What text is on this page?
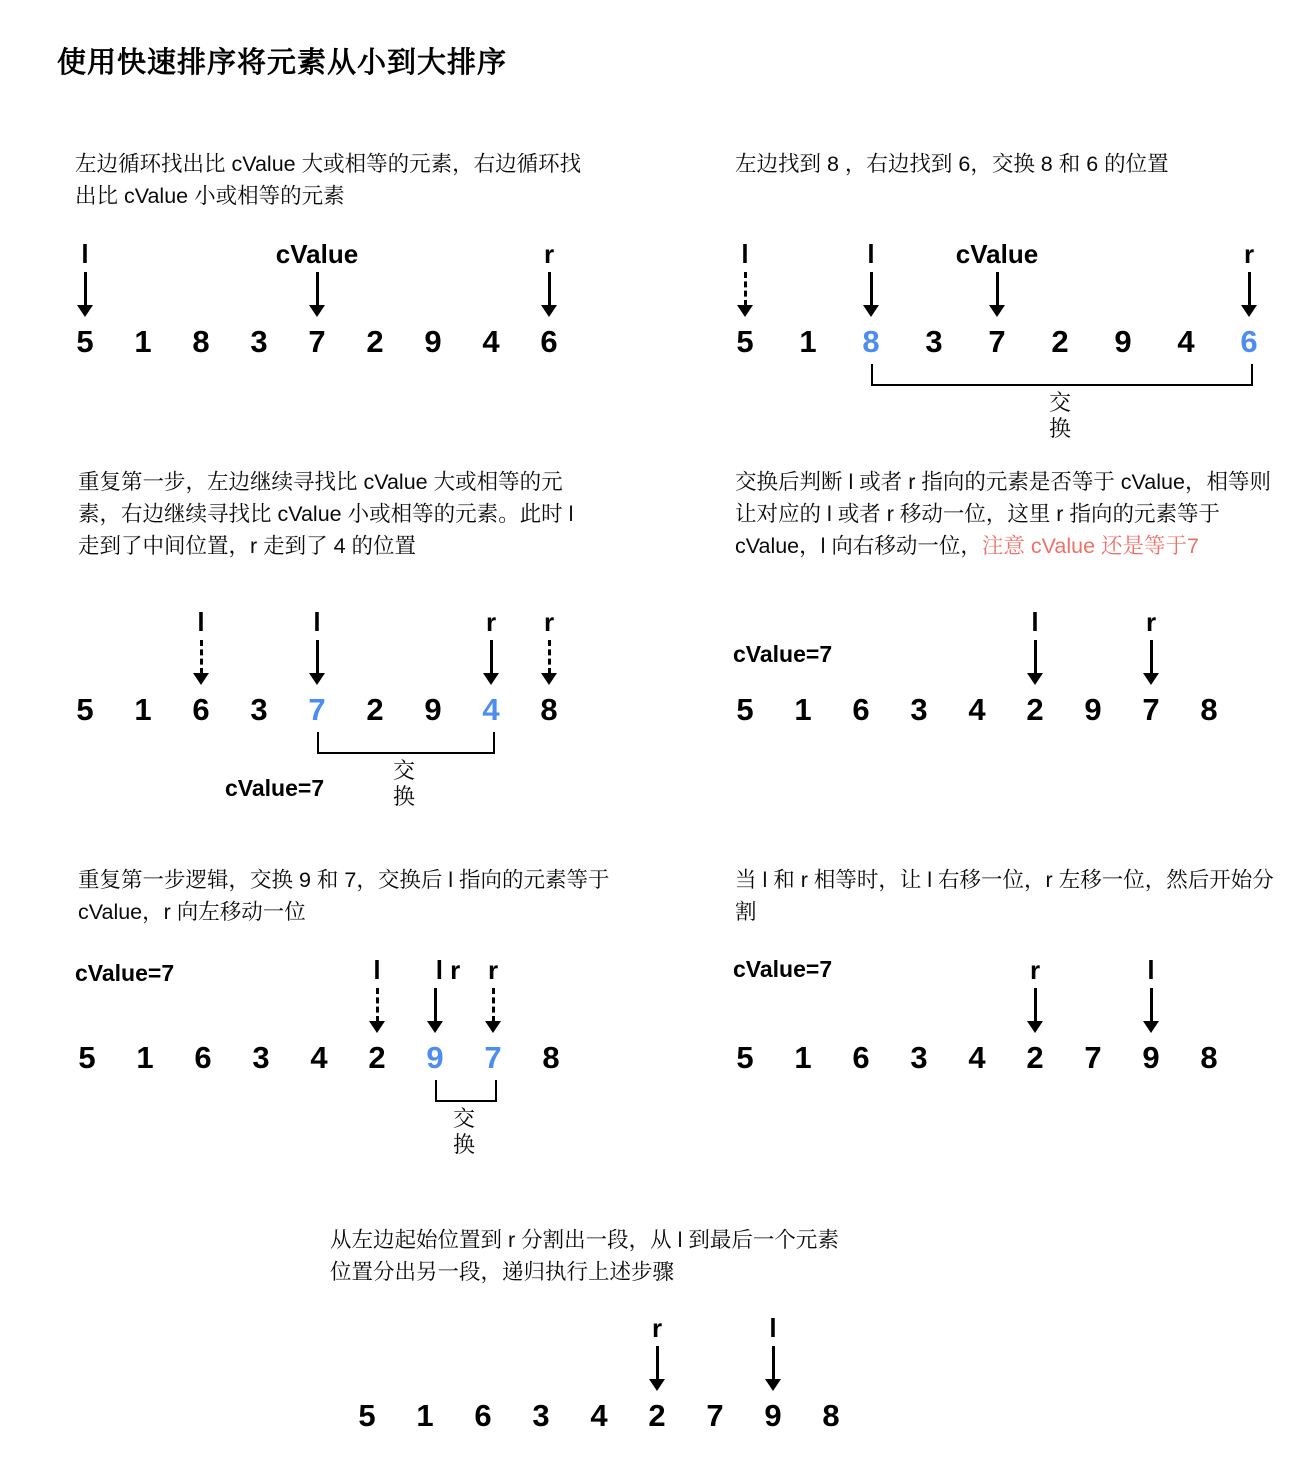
使用快速排序将元素从小到大排序
左边循环找出比 cValue 大或相等的元素，右边循环找出比 cValue 小或相等的元素
5	1	8	3	7	2	9	4	6
l	cValue	r
左边找到 8 ，右边找到 6，交换 8 和 6 的位置
5	1	8	3	7	2	9	4	6
l	l	cValue	r
交换
重复第一步，左边继续寻找比 cValue 大或相等的元素，右边继续寻找比 cValue 小或相等的元素。此时 l 走到了中间位置，r 走到了 4 的位置
5	1	6	3	7	2	9	4	8
l	l	r r
交换
cValue=7
交换后判断 l 或者 r 指向的元素是否等于 cValue，相等则让对应的 l 或者 r 移动一位，这里 r 指向的元素等于 cValue，l 向右移动一位，注意 cValue 还是等于7
5	1	6	3	4	2	9	7	8
l	r
cValue=7
重复第一步逻辑，交换 9 和 7，交换后 l 指向的元素等于 cValue，r 向左移动一位
5	1	6	3	4	2	9	7	8
l l r r
交换
cValue=7
当 l 和 r 相等时，让 l 右移一位，r 左移一位，然后开始分割
5	1	6	3	4	2	7	9	8
r	l
cValue=7
从左边起始位置到 r 分割出一段，从 l 到最后一个元素位置分出另一段，递归执行上述步骤
5	1	6	3	4	2	7	9	8
r	l
